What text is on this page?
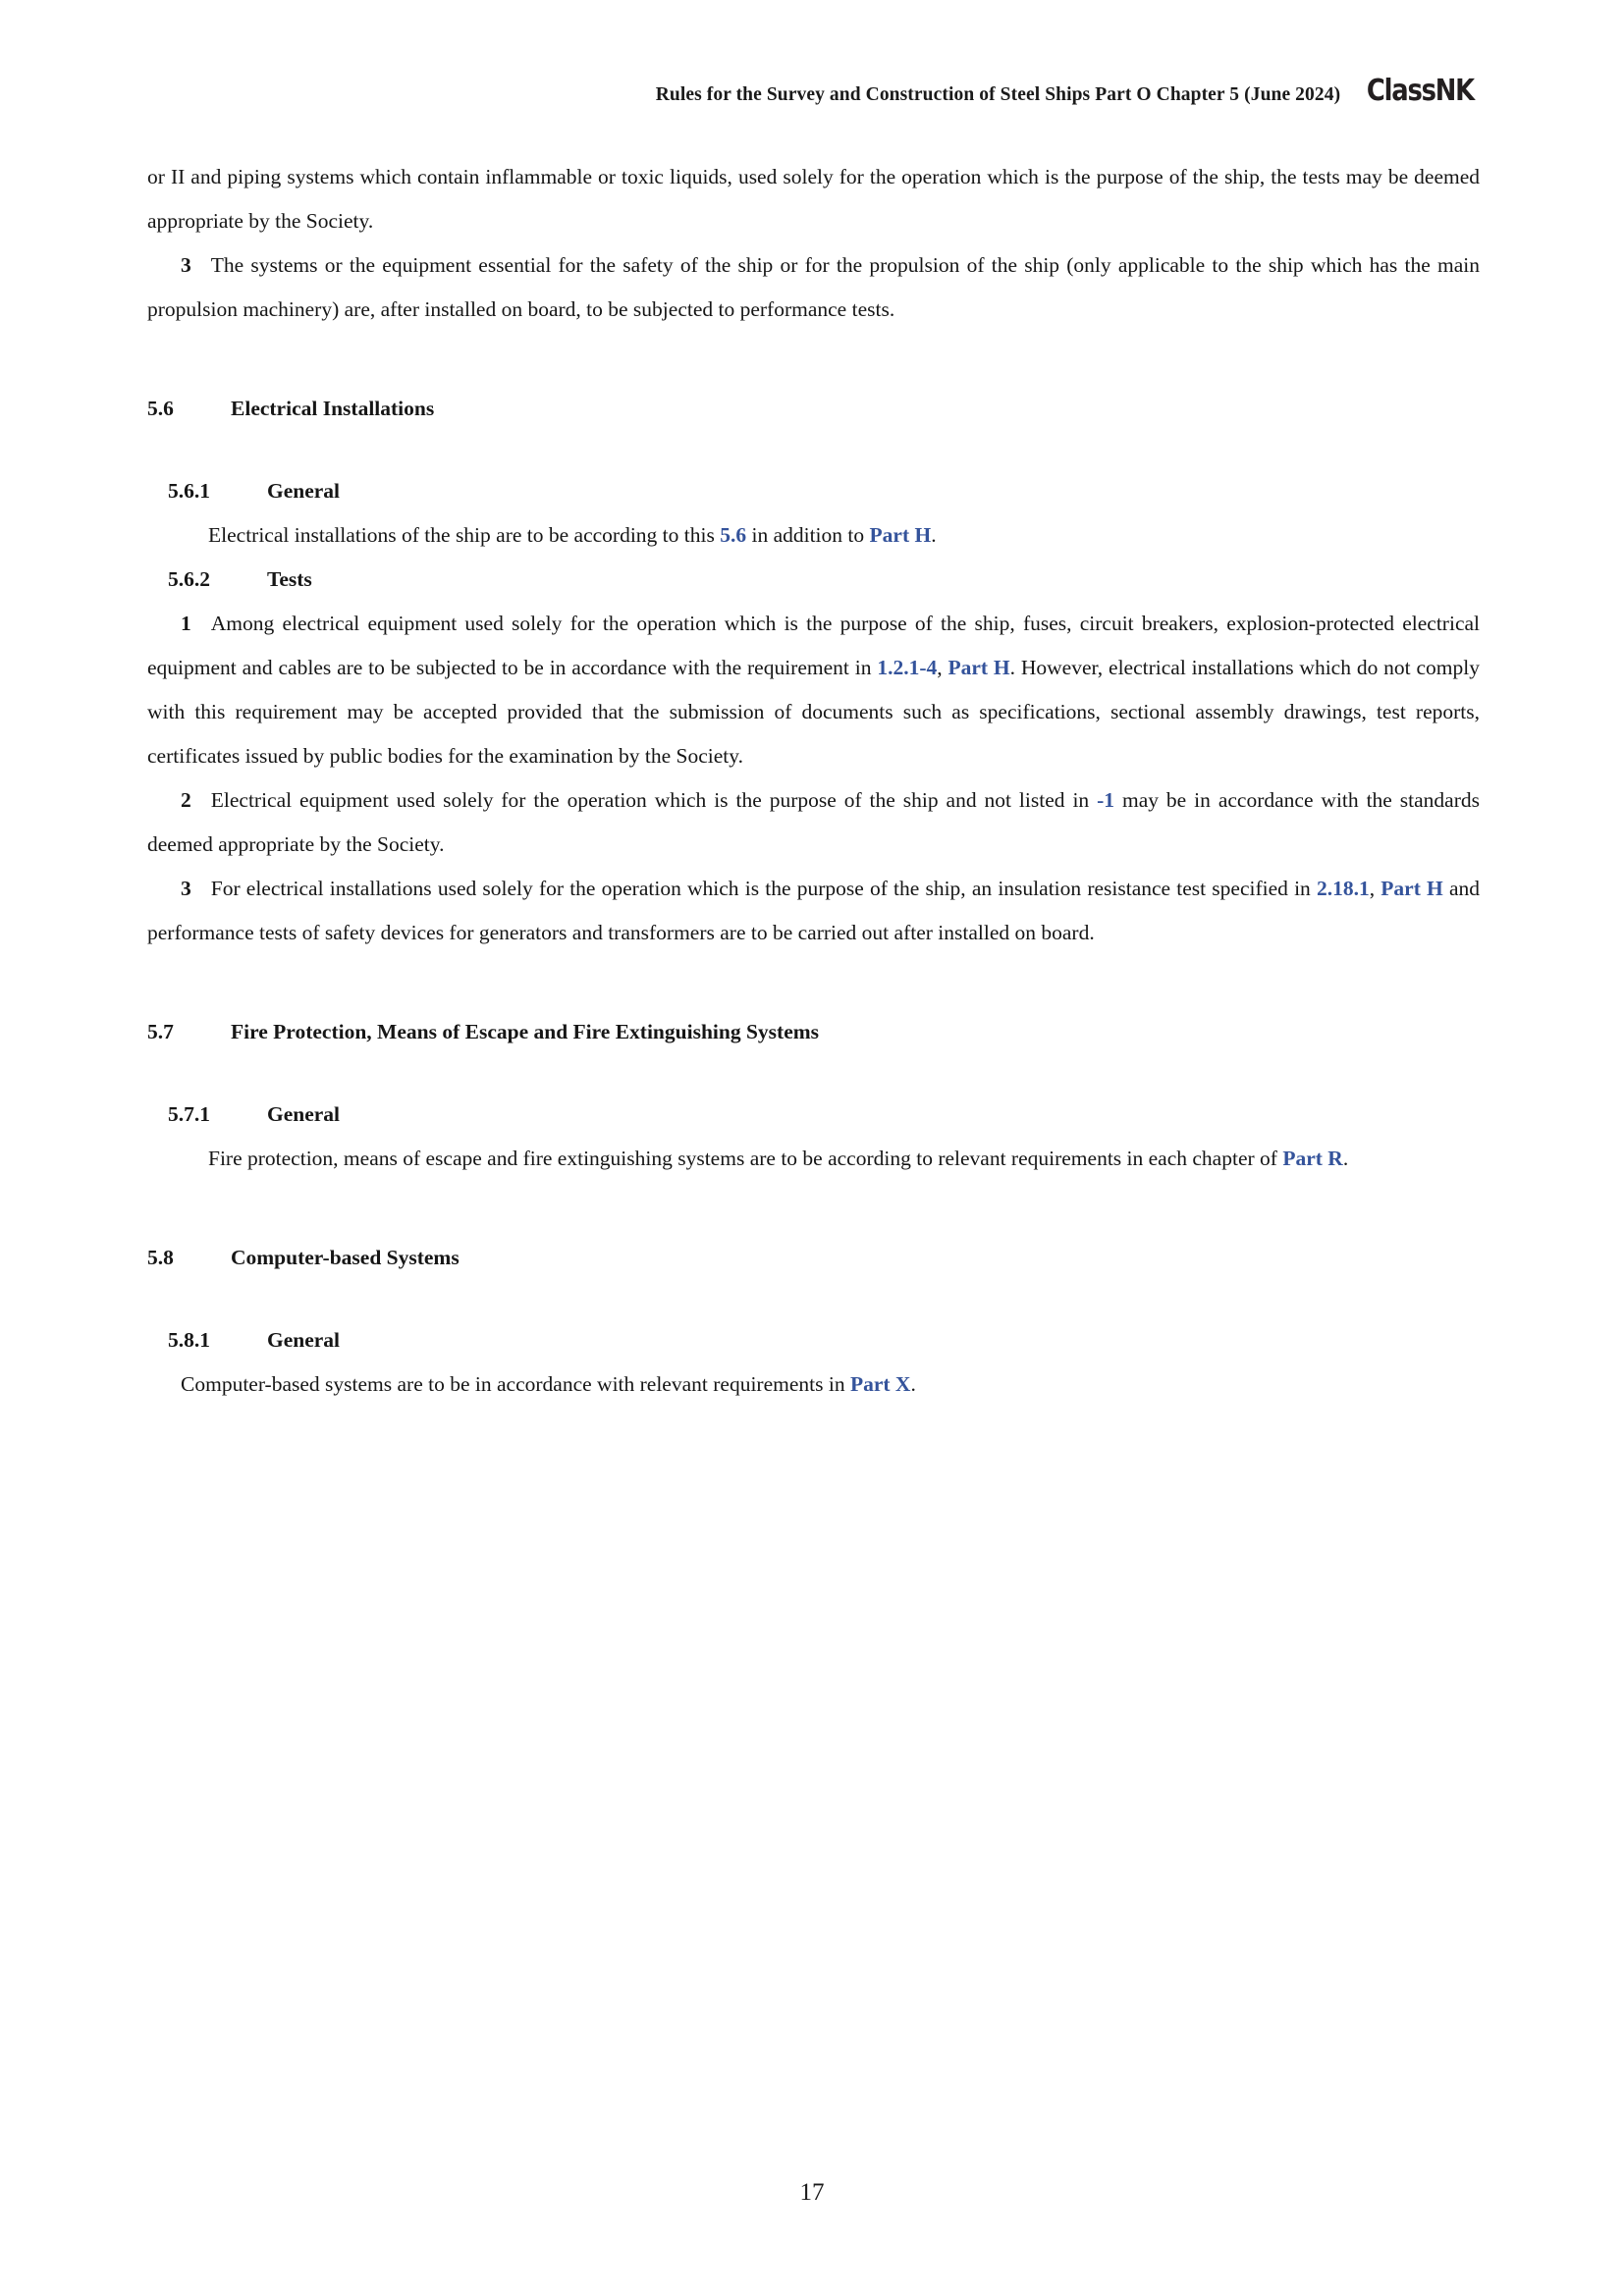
Rules for the Survey and Construction of Steel Ships Part O Chapter 5 (June 2024) ClassNK

or II and piping systems which contain inflammable or toxic liquids, used solely for the operation which is the purpose of the ship, the tests may be deemed appropriate by the Society.

3 The systems or the equipment essential for the safety of the ship or for the propulsion of the ship (only applicable to the ship which has the main propulsion machinery) are, after installed on board, to be subjected to performance tests.

5.6	Electrical Installations
5.6.1	General

Electrical installations of the ship are to be according to this 5.6 in addition to Part H.

5.6.2	Tests

1 Among electrical equipment used solely for the operation which is the purpose of the ship, fuses, circuit breakers, explosion-protected electrical equipment and cables are to be subjected to be in accordance with the requirement in 1.2.1-4, Part H. However, electrical installations which do not comply with this requirement may be accepted provided that the submission of documents such as specifications, sectional assembly drawings, test reports, certificates issued by public bodies for the examination by the Society.

2 Electrical equipment used solely for the operation which is the purpose of the ship and not listed in -1 may be in accordance with the standards deemed appropriate by the Society.

3 For electrical installations used solely for the operation which is the purpose of the ship, an insulation resistance test specified in 2.18.1, Part H and performance tests of safety devices for generators and transformers are to be carried out after installed on board.

5.7	Fire Protection, Means of Escape and Fire Extinguishing Systems
5.7.1	General

Fire protection, means of escape and fire extinguishing systems are to be according to relevant requirements in each chapter of Part R.

5.8	Computer-based Systems
5.8.1	General

Computer-based systems are to be in accordance with relevant requirements in Part X.

17
